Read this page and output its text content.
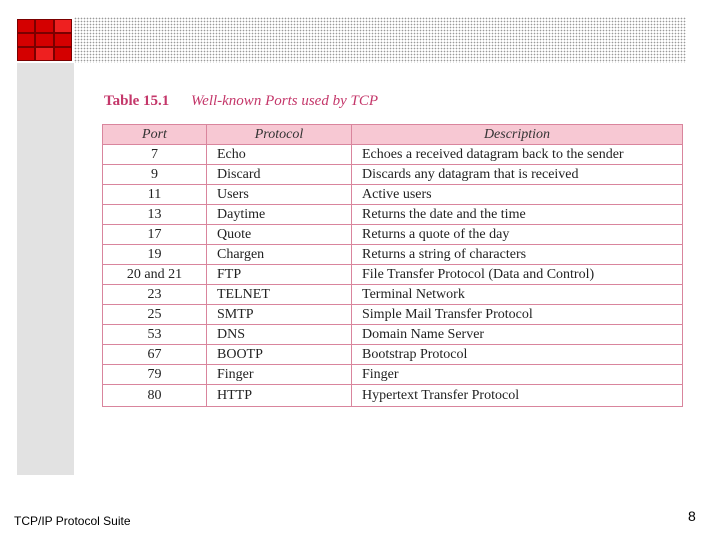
Table 15.1 Well-known Ports used by TCP
Port	Protocol	Description
7	Echo	Echoes a received datagram back to the sender
9	Discard	Discards any datagram that is received
11	Users	Active users
13	Daytime	Returns the date and the time
17	Quote	Returns a quote of the day
19	Chargen	Returns a string of characters
20 and 21	FTP	File Transfer Protocol (Data and Control)
23	TELNET	Terminal Network
25	SMTP	Simple Mail Transfer Protocol
53	DNS	Domain Name Server
67	BOOTP	Bootstrap Protocol
79	Finger	Finger
80	HTTP	Hypertext Transfer Protocol
TCP/IP Protocol Suite	8
